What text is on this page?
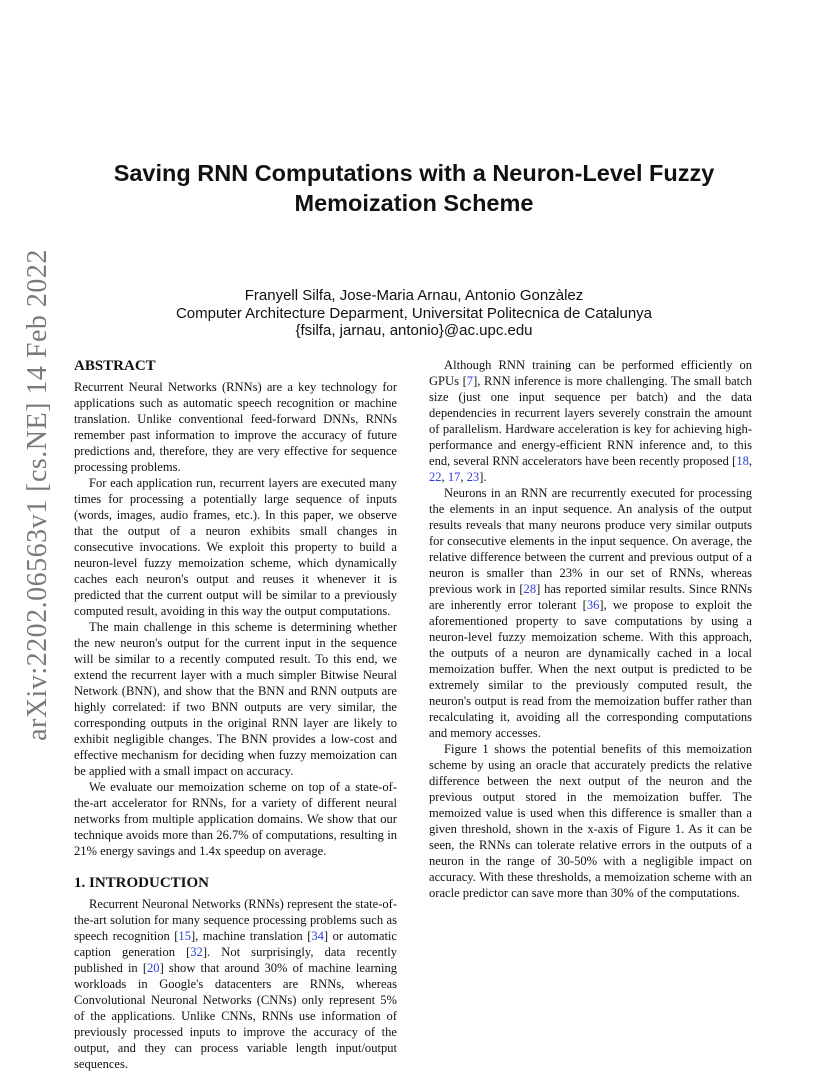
arXiv:2202.06563v1 [cs.NE] 14 Feb 2022
Saving RNN Computations with a Neuron-Level Fuzzy Memoization Scheme
Franyell Silfa, Jose-Maria Arnau, Antonio Gonzàlez
Computer Architecture Deparment, Universitat Politecnica de Catalunya
{fsilfa, jarnau, antonio}@ac.upc.edu
ABSTRACT

Recurrent Neural Networks (RNNs) are a key technology for applications such as automatic speech recognition or machine translation. Unlike conventional feed-forward DNNs, RNNs remember past information to improve the accuracy of future predictions and, therefore, they are very effective for sequence processing problems.

For each application run, recurrent layers are executed many times for processing a potentially large sequence of inputs (words, images, audio frames, etc.). In this paper, we observe that the output of a neuron exhibits small changes in consecutive invocations. We exploit this property to build a neuron-level fuzzy memoization scheme, which dynamically caches each neuron's output and reuses it whenever it is predicted that the current output will be similar to a previously computed result, avoiding in this way the output computations.

The main challenge in this scheme is determining whether the new neuron's output for the current input in the sequence will be similar to a recently computed result. To this end, we extend the recurrent layer with a much simpler Bitwise Neural Network (BNN), and show that the BNN and RNN outputs are highly correlated: if two BNN outputs are very similar, the corresponding outputs in the original RNN layer are likely to exhibit negligible changes. The BNN provides a low-cost and effective mechanism for deciding when fuzzy memoization can be applied with a small impact on accuracy.

We evaluate our memoization scheme on top of a state-of-the-art accelerator for RNNs, for a variety of different neural networks from multiple application domains. We show that our technique avoids more than 26.7% of computations, resulting in 21% energy savings and 1.4x speedup on average.

1. INTRODUCTION

Recurrent Neuronal Networks (RNNs) represent the state-of-the-art solution for many sequence processing problems such as speech recognition [15], machine translation [34] or automatic caption generation [32]. Not surprisingly, data recently published in [20] show that around 30% of machine learning workloads in Google's datacenters are RNNs, whereas Convolutional Neuronal Networks (CNNs) only represent 5% of the applications. Unlike CNNs, RNNs use information of previously processed inputs to improve the accuracy of the output, and they can process variable length input/output sequences.

Although RNN training can be performed efficiently on GPUs [7], RNN inference is more challenging. The small batch size (just one input sequence per batch) and the data dependencies in recurrent layers severely constrain the amount of parallelism. Hardware acceleration is key for achieving high-performance and energy-efficient RNN inference and, to this end, several RNN accelerators have been recently proposed [18, 22, 17, 23].

Neurons in an RNN are recurrently executed for processing the elements in an input sequence. An analysis of the output results reveals that many neurons produce very similar outputs for consecutive elements in the input sequence. On average, the relative difference between the current and previous output of a neuron is smaller than 23% in our set of RNNs, whereas previous work in [28] has reported similar results. Since RNNs are inherently error tolerant [36], we propose to exploit the aforementioned property to save computations by using a neuron-level fuzzy memoization scheme. With this approach, the outputs of a neuron are dynamically cached in a local memoization buffer. When the next output is predicted to be extremely similar to the previously computed result, the neuron's output is read from the memoization buffer rather than recalculating it, avoiding all the corresponding computations and memory accesses.

Figure 1 shows the potential benefits of this memoization scheme by using an oracle that accurately predicts the relative difference between the next output of the neuron and the previous output stored in the memoization buffer. The memoized value is used when this difference is smaller than a given threshold, shown in the x-axis of Figure 1. As it can be seen, the RNNs can tolerate relative errors in the outputs of a neuron in the range of 30-50% with a negligible impact on accuracy. With these thresholds, a memoization scheme with an oracle predictor can save more than 30% of the computations.
